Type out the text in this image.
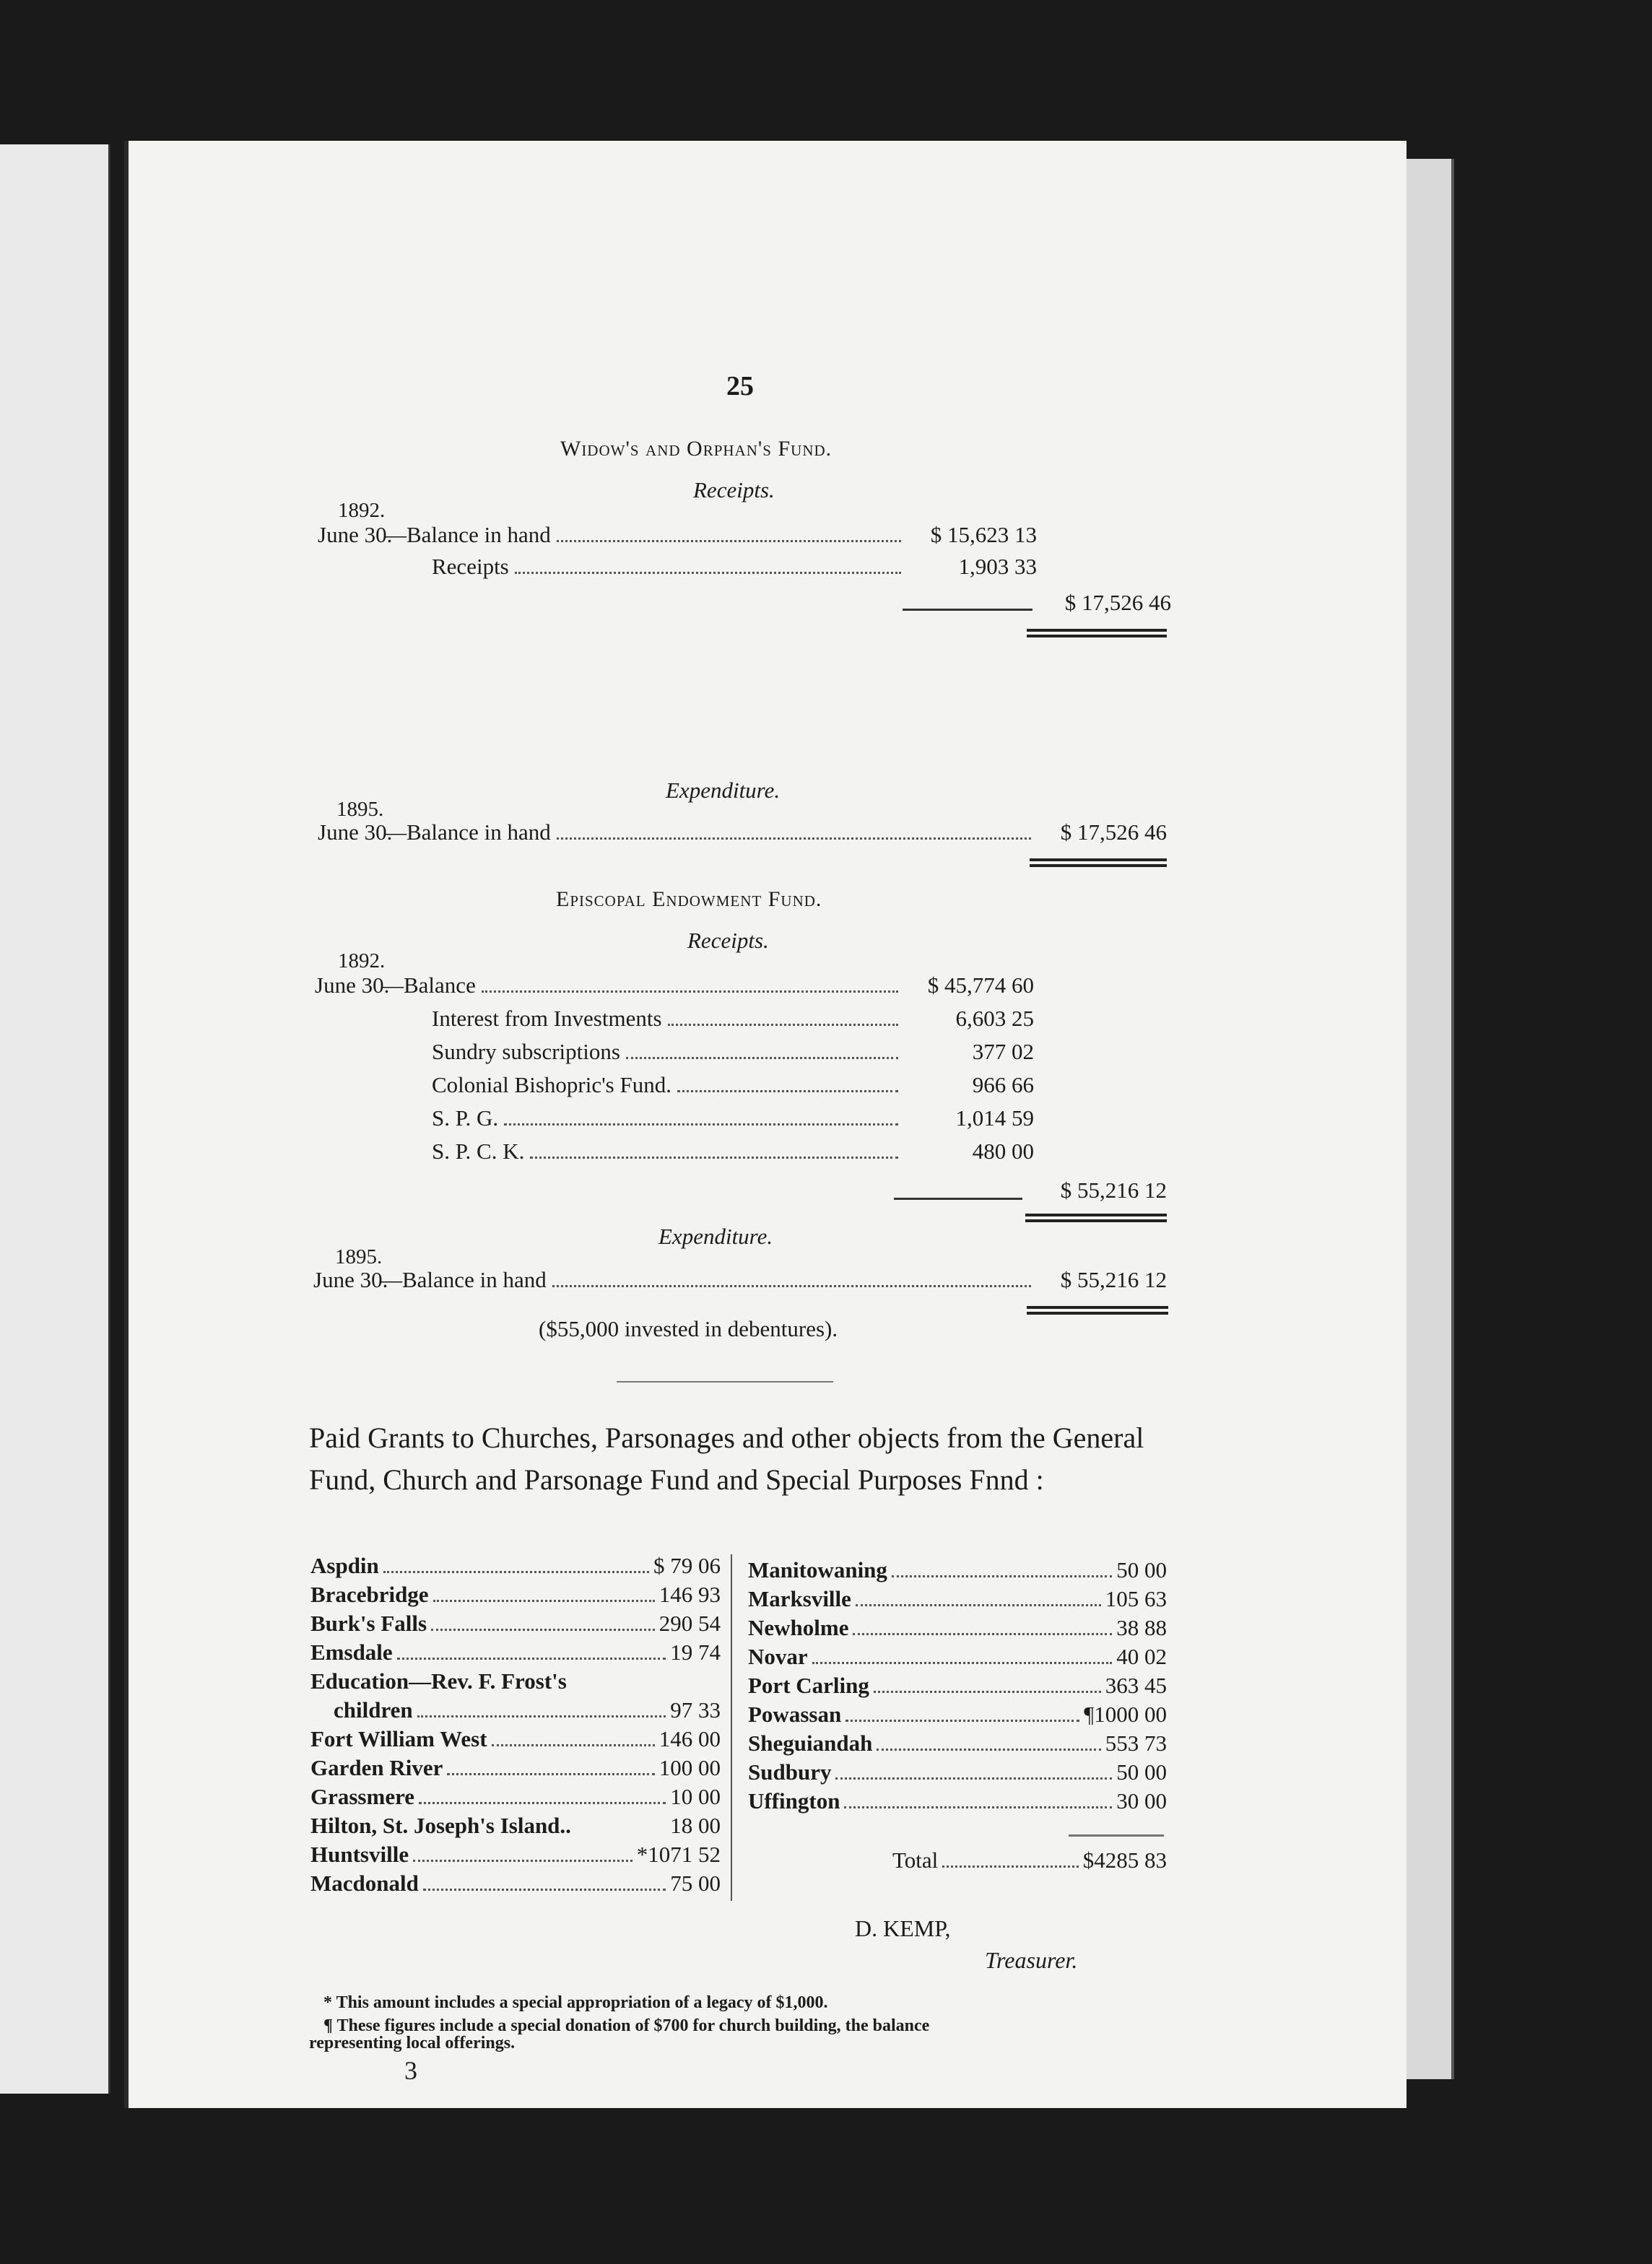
25
Widow's and Orphan's Fund.
Receipts.
1892.
June 30.
—Balance in hand	$ 15,623 13
Receipts	1,903 33
$ 17,526 46
Expenditure.
1895.
June 30.
—Balance in hand	$ 17,526 46
Episcopal Endowment Fund.
Receipts.
1892.
June 30.
—Balance	$ 45,774 60
Interest from Investments	6,603 25
Sundry subscriptions	377 02
Colonial Bishopric's Fund.	966 66
S. P. G.	1,014 59
S. P. C. K.	480 00
$ 55,216 12
Expenditure.
1895.
June 30.
—Balance in hand	$ 55,216 12
($55,000 invested in debentures).
Paid Grants to Churches, Parsonages and other objects from the General Fund, Church and Parsonage Fund and Special Purposes Fnnd :
Aspdin	$ 79 06
Bracebridge	146 93
Burk's Falls	290 54
Emsdale	19 74
Education—Rev. F. Frost's
children	97 33
Fort William West	146 00
Garden River	100 00
Grassmere	10 00
Hilton, St. Joseph's Island..	18 00
Huntsville	*1071 52
Macdonald	75 00
Manitowaning	50 00
Marksville	105 63
Newholme	38 88
Novar	40 02
Port Carling	363 45
Powassan	¶1000 00
Sheguiandah	553 73
Sudbury	50 00
Uffington	30 00
Total	$4285 83
D. KEMP,
Treasurer.
* This amount includes a special appropriation of a legacy of $1,000.
¶ These figures include a special donation of $700 for church building, the balance
representing local offerings.
3
